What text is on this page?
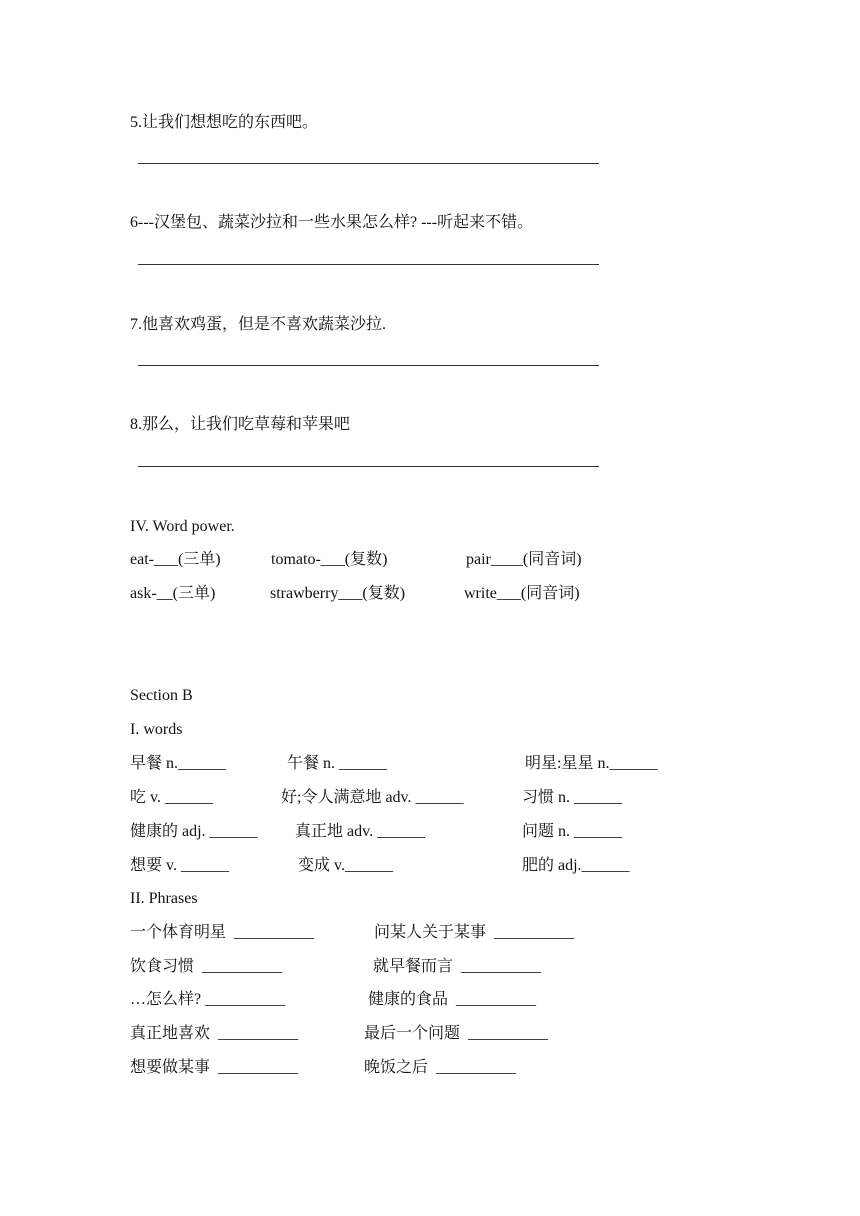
5.让我们想想吃的东西吧。
6---汉堡包、蔬菜沙拉和一些水果怎么样? ---听起来不错。
7.他喜欢鸡蛋，但是不喜欢蔬菜沙拉.
8.那么，让我们吃草莓和苹果吧
IV. Word power.
eat-___(三单)	tomato-___(复数)	pair____(同音词)
ask-__(三单)	strawberry___(复数)	write___(同音词)
Section B
I. words
早餐 n.______	午餐 n. ______	明星:星星 n.______
吃 v. ______	好;令人满意地 adv. ______	习惯 n. ______
健康的 adj. ______ 真正地 adv. ______	问题 n. ______
想要 v. ______	变成 v.______	肥的 adj.______
II. Phrases
一个体育明星  __________	问某人关于某事  __________
饮食习惯  __________	就早餐而言  __________
…怎么样? __________	健康的食品  __________
真正地喜欢  __________	最后一个问题  __________
想要做某事  __________	晚饭之后  __________
